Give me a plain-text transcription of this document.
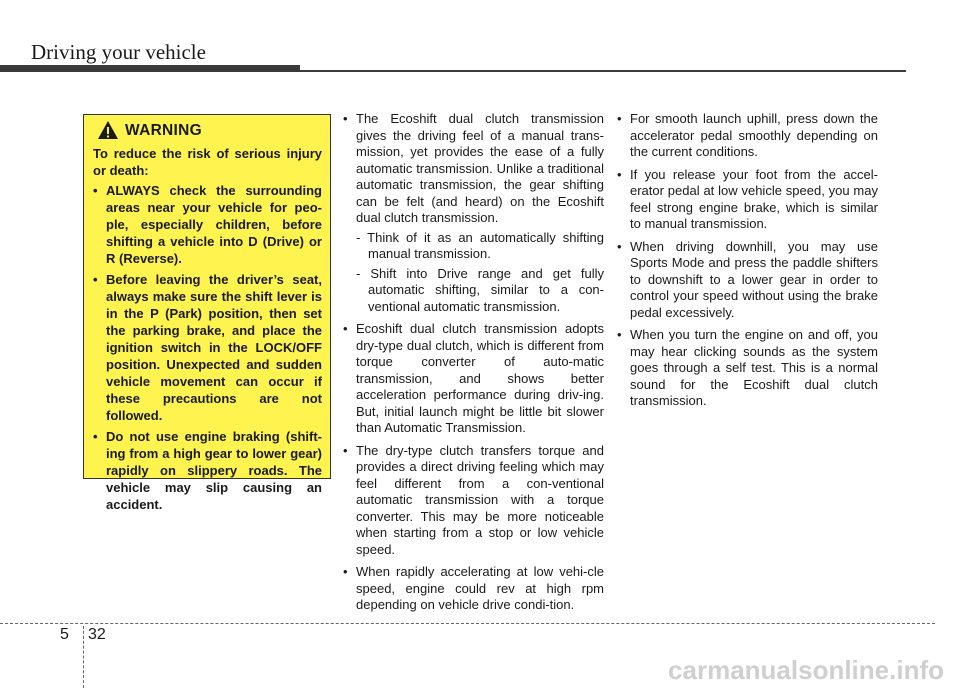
Driving your vehicle
WARNING
To reduce the risk of serious injury or death:
• ALWAYS check the surrounding areas near your vehicle for peo-ple, especially children, before shifting a vehicle into D (Drive) or R (Reverse).
• Before leaving the driver’s seat, always make sure the shift lever is in the P (Park) position, then set the parking brake, and place the ignition switch in the LOCK/OFF position. Unexpected and sudden vehicle movement can occur if these precautions are not followed.
• Do not use engine braking (shift-ing from a high gear to lower gear) rapidly on slippery roads. The vehicle may slip causing an accident.
• The Ecoshift dual clutch transmission gives the driving feel of a manual trans-mission, yet provides the ease of a fully automatic transmission. Unlike a traditional automatic transmission, the gear shifting can be felt (and heard) on the Ecoshift dual clutch transmission.
- Think of it as an automatically shifting manual transmission.
- Shift into Drive range and get fully automatic shifting, similar to a con-ventional automatic transmission.
• Ecoshift dual clutch transmission adopts dry-type dual clutch, which is different from torque converter of auto-matic transmission, and shows better acceleration performance during driv-ing. But, initial launch might be little bit slower than Automatic Transmission.
• The dry-type clutch transfers torque and provides a direct driving feeling which may feel different from a con-ventional automatic transmission with a torque converter. This may be more noticeable when starting from a stop or low vehicle speed.
• When rapidly accelerating at low vehi-cle speed, engine could rev at high rpm depending on vehicle drive condi-tion.
• For smooth launch uphill, press down the accelerator pedal smoothly depending on the current conditions.
• If you release your foot from the accel-erator pedal at low vehicle speed, you may feel strong engine brake, which is similar to manual transmission.
• When driving downhill, you may use Sports Mode and press the paddle shifters to downshift to a lower gear in order to control your speed without using the brake pedal excessively.
• When you turn the engine on and off, you may hear clicking sounds as the system goes through a self test. This is a normal sound for the Ecoshift dual clutch transmission.
5 32
carmanualsonline.info
